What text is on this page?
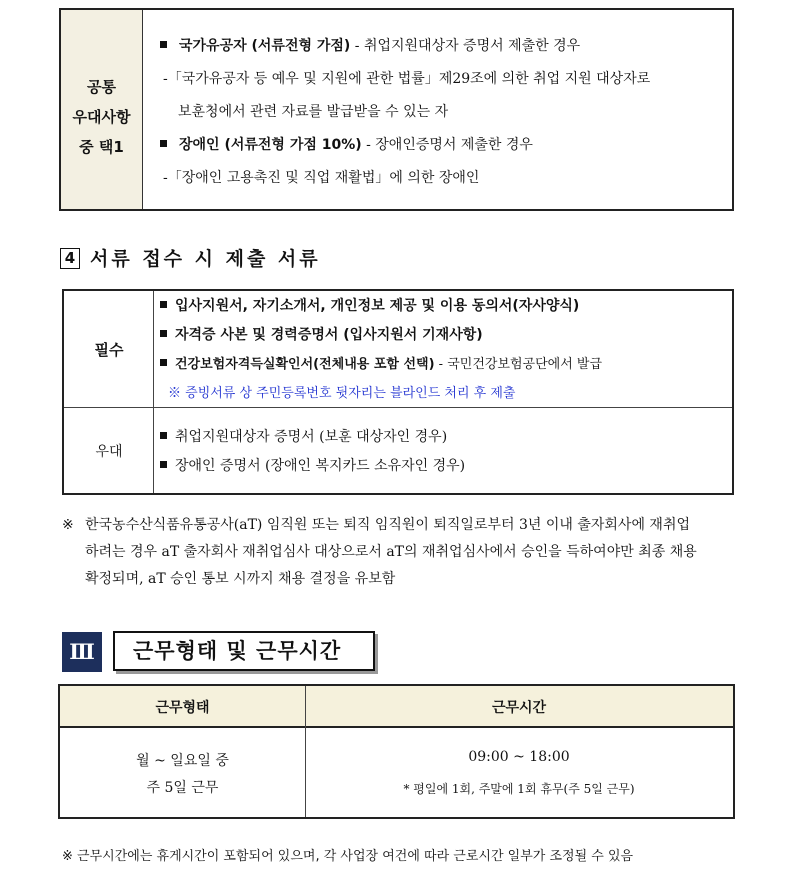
공통
우대사항
중 택1
국가유공자 (서류전형 가점) - 취업지원대상자 증명서 제출한 경우
-「국가유공자 등 예우 및 지원에 관한 법률」제29조에 의한 취업 지원 대상자로
보훈청에서 관련 자료를 발급받을 수 있는 자
장애인 (서류전형 가점 10%) - 장애인증명서 제출한 경우
-「장애인 고용촉진 및 직업 재활법」에 의한 장애인
4 서류 접수 시 제출 서류
필수
우대
입사지원서, 자기소개서, 개인정보 제공 및 이용 동의서(자사양식)
자격증 사본 및 경력증명서 (입사지원서 기재사항)
건강보험자격득실확인서(전체내용 포함 선택) - 국민건강보험공단에서 발급
※ 증빙서류 상 주민등록번호 뒷자리는 블라인드 처리 후 제출
취업지원대상자 증명서 (보훈 대상자인 경우)
장애인 증명서 (장애인 복지카드 소유자인 경우)
※ 한국농수산식품유통공사(aT) 임직원 또는 퇴직 임직원이 퇴직일로부터 3년 이내 출자회사에 재취업
하려는 경우 aT 출자회사 재취업심사 대상으로서 aT의 재취업심사에서 승인을 득하여야만 최종 채용
확정되며, aT 승인 통보 시까지 채용 결정을 유보함
Ⅲ	근무형태 및 근무시간
근무형태	근무시간
월 ~ 일요일 중
주 5일 근무
09:00 ~ 18:00
* 평일에 1회, 주말에 1회 휴무(주 5일 근무)
※ 근무시간에는 휴게시간이 포함되어 있으며, 각 사업장 여건에 따라 근로시간 일부가 조정될 수 있음
